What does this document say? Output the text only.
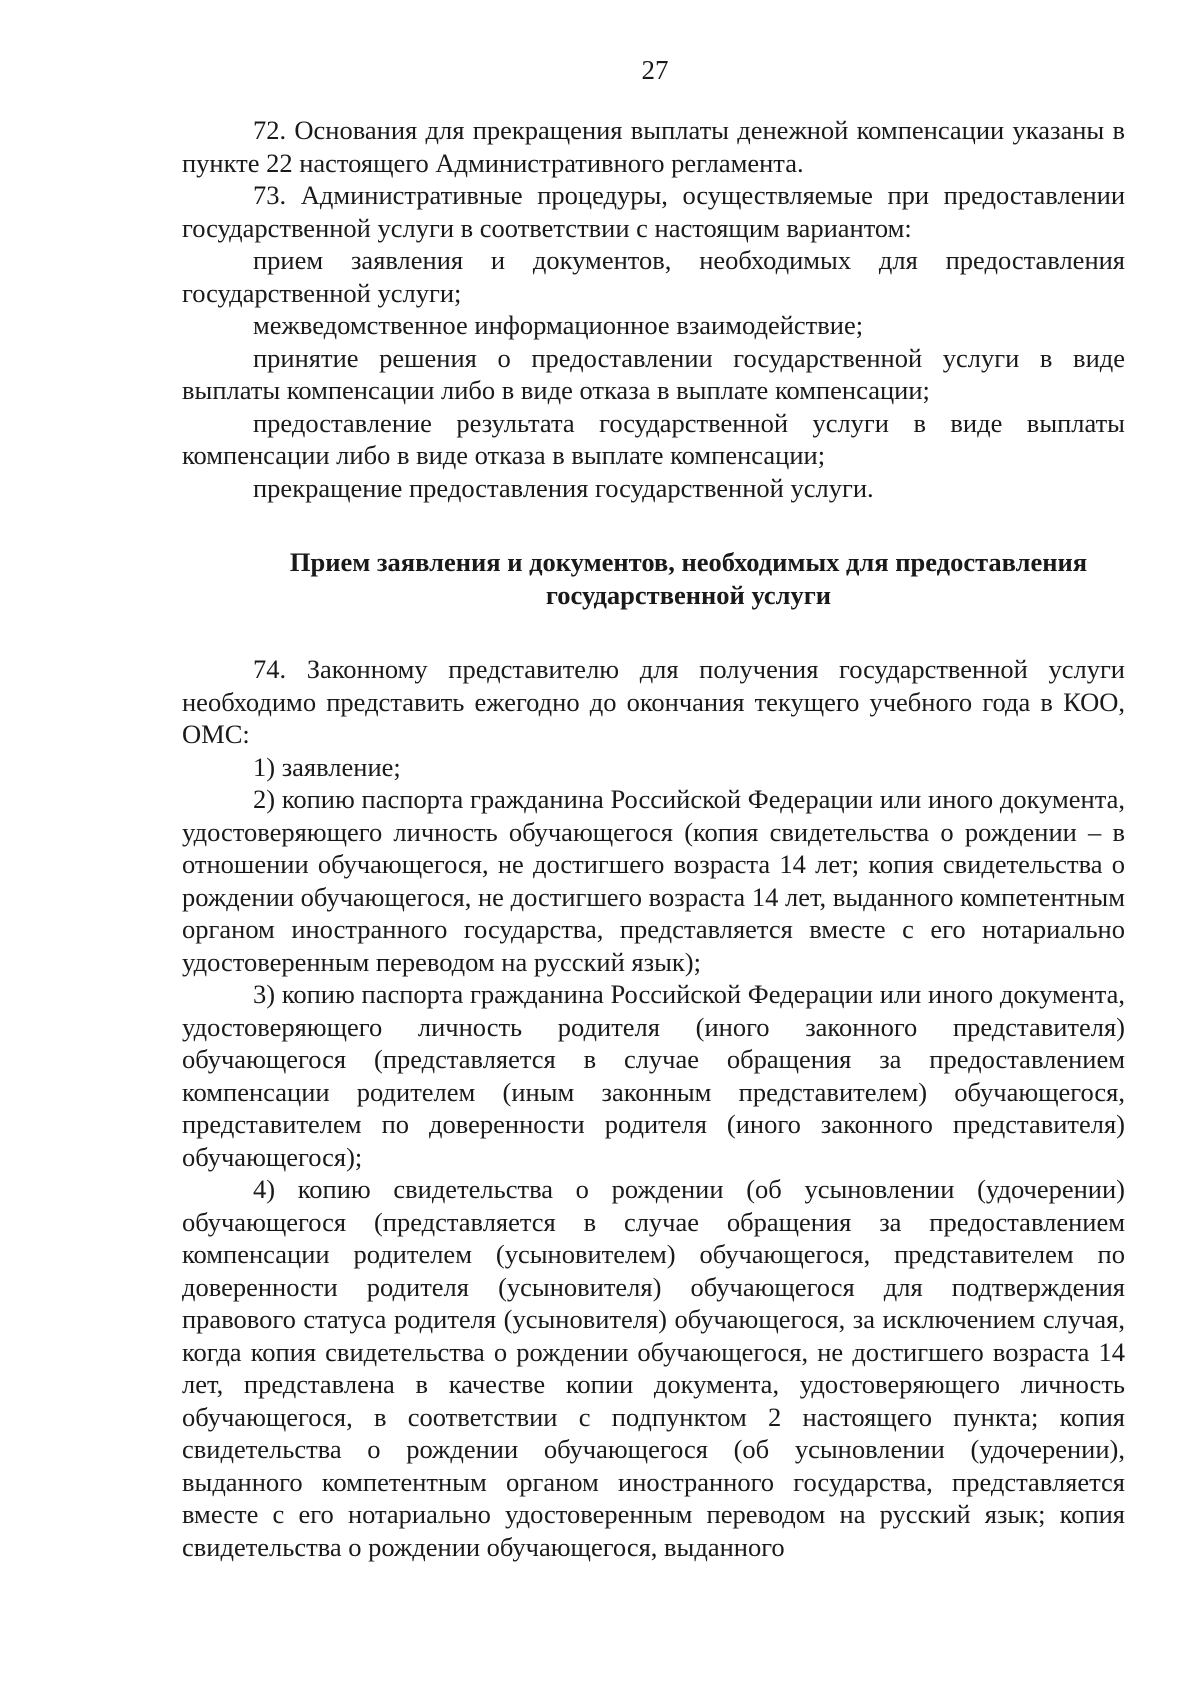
27

72. Основания для прекращения выплаты денежной компенсации указаны в пункте 22 настоящего Административного регламента.

73. Административные процедуры, осуществляемые при предоставлении государственной услуги в соответствии с настоящим вариантом:

прием заявления и документов, необходимых для предоставления государственной услуги;

межведомственное информационное взаимодействие;

принятие решения о предоставлении государственной услуги в виде выплаты компенсации либо в виде отказа в выплате компенсации;

предоставление результата государственной услуги в виде выплаты компенсации либо в виде отказа в выплате компенсации;

прекращение предоставления государственной услуги.

Прием заявления и документов, необходимых для предоставления
государственной услуги

74. Законному представителю для получения государственной услуги необходимо представить ежегодно до окончания текущего учебного года в КОО, ОМС:

1) заявление;

2) копию паспорта гражданина Российской Федерации или иного документа, удостоверяющего личность обучающегося (копия свидетельства о рождении – в отношении обучающегося, не достигшего возраста 14 лет; копия свидетельства о рождении обучающегося, не достигшего возраста 14 лет, выданного компетентным органом иностранного государства, представляется вместе с его нотариально удостоверенным переводом на русский язык);

3) копию паспорта гражданина Российской Федерации или иного документа, удостоверяющего личность родителя (иного законного представителя) обучающегося (представляется в случае обращения за предоставлением компенсации родителем (иным законным представителем) обучающегося, представителем по доверенности родителя (иного законного представителя) обучающегося);

4) копию свидетельства о рождении (об усыновлении (удочерении) обучающегося (представляется в случае обращения за предоставлением компенсации родителем (усыновителем) обучающегося, представителем по доверенности родителя (усыновителя) обучающегося для подтверждения правового статуса родителя (усыновителя) обучающегося, за исключением случая, когда копия свидетельства о рождении обучающегося, не достигшего возраста 14 лет, представлена в качестве копии документа, удостоверяющего личность обучающегося, в соответствии с подпунктом 2 настоящего пункта; копия свидетельства о рождении обучающегося (об усыновлении (удочерении), выданного компетентным органом иностранного государства, представляется вместе с его нотариально удостоверенным переводом на русский язык; копия свидетельства о рождении обучающегося, выданного
